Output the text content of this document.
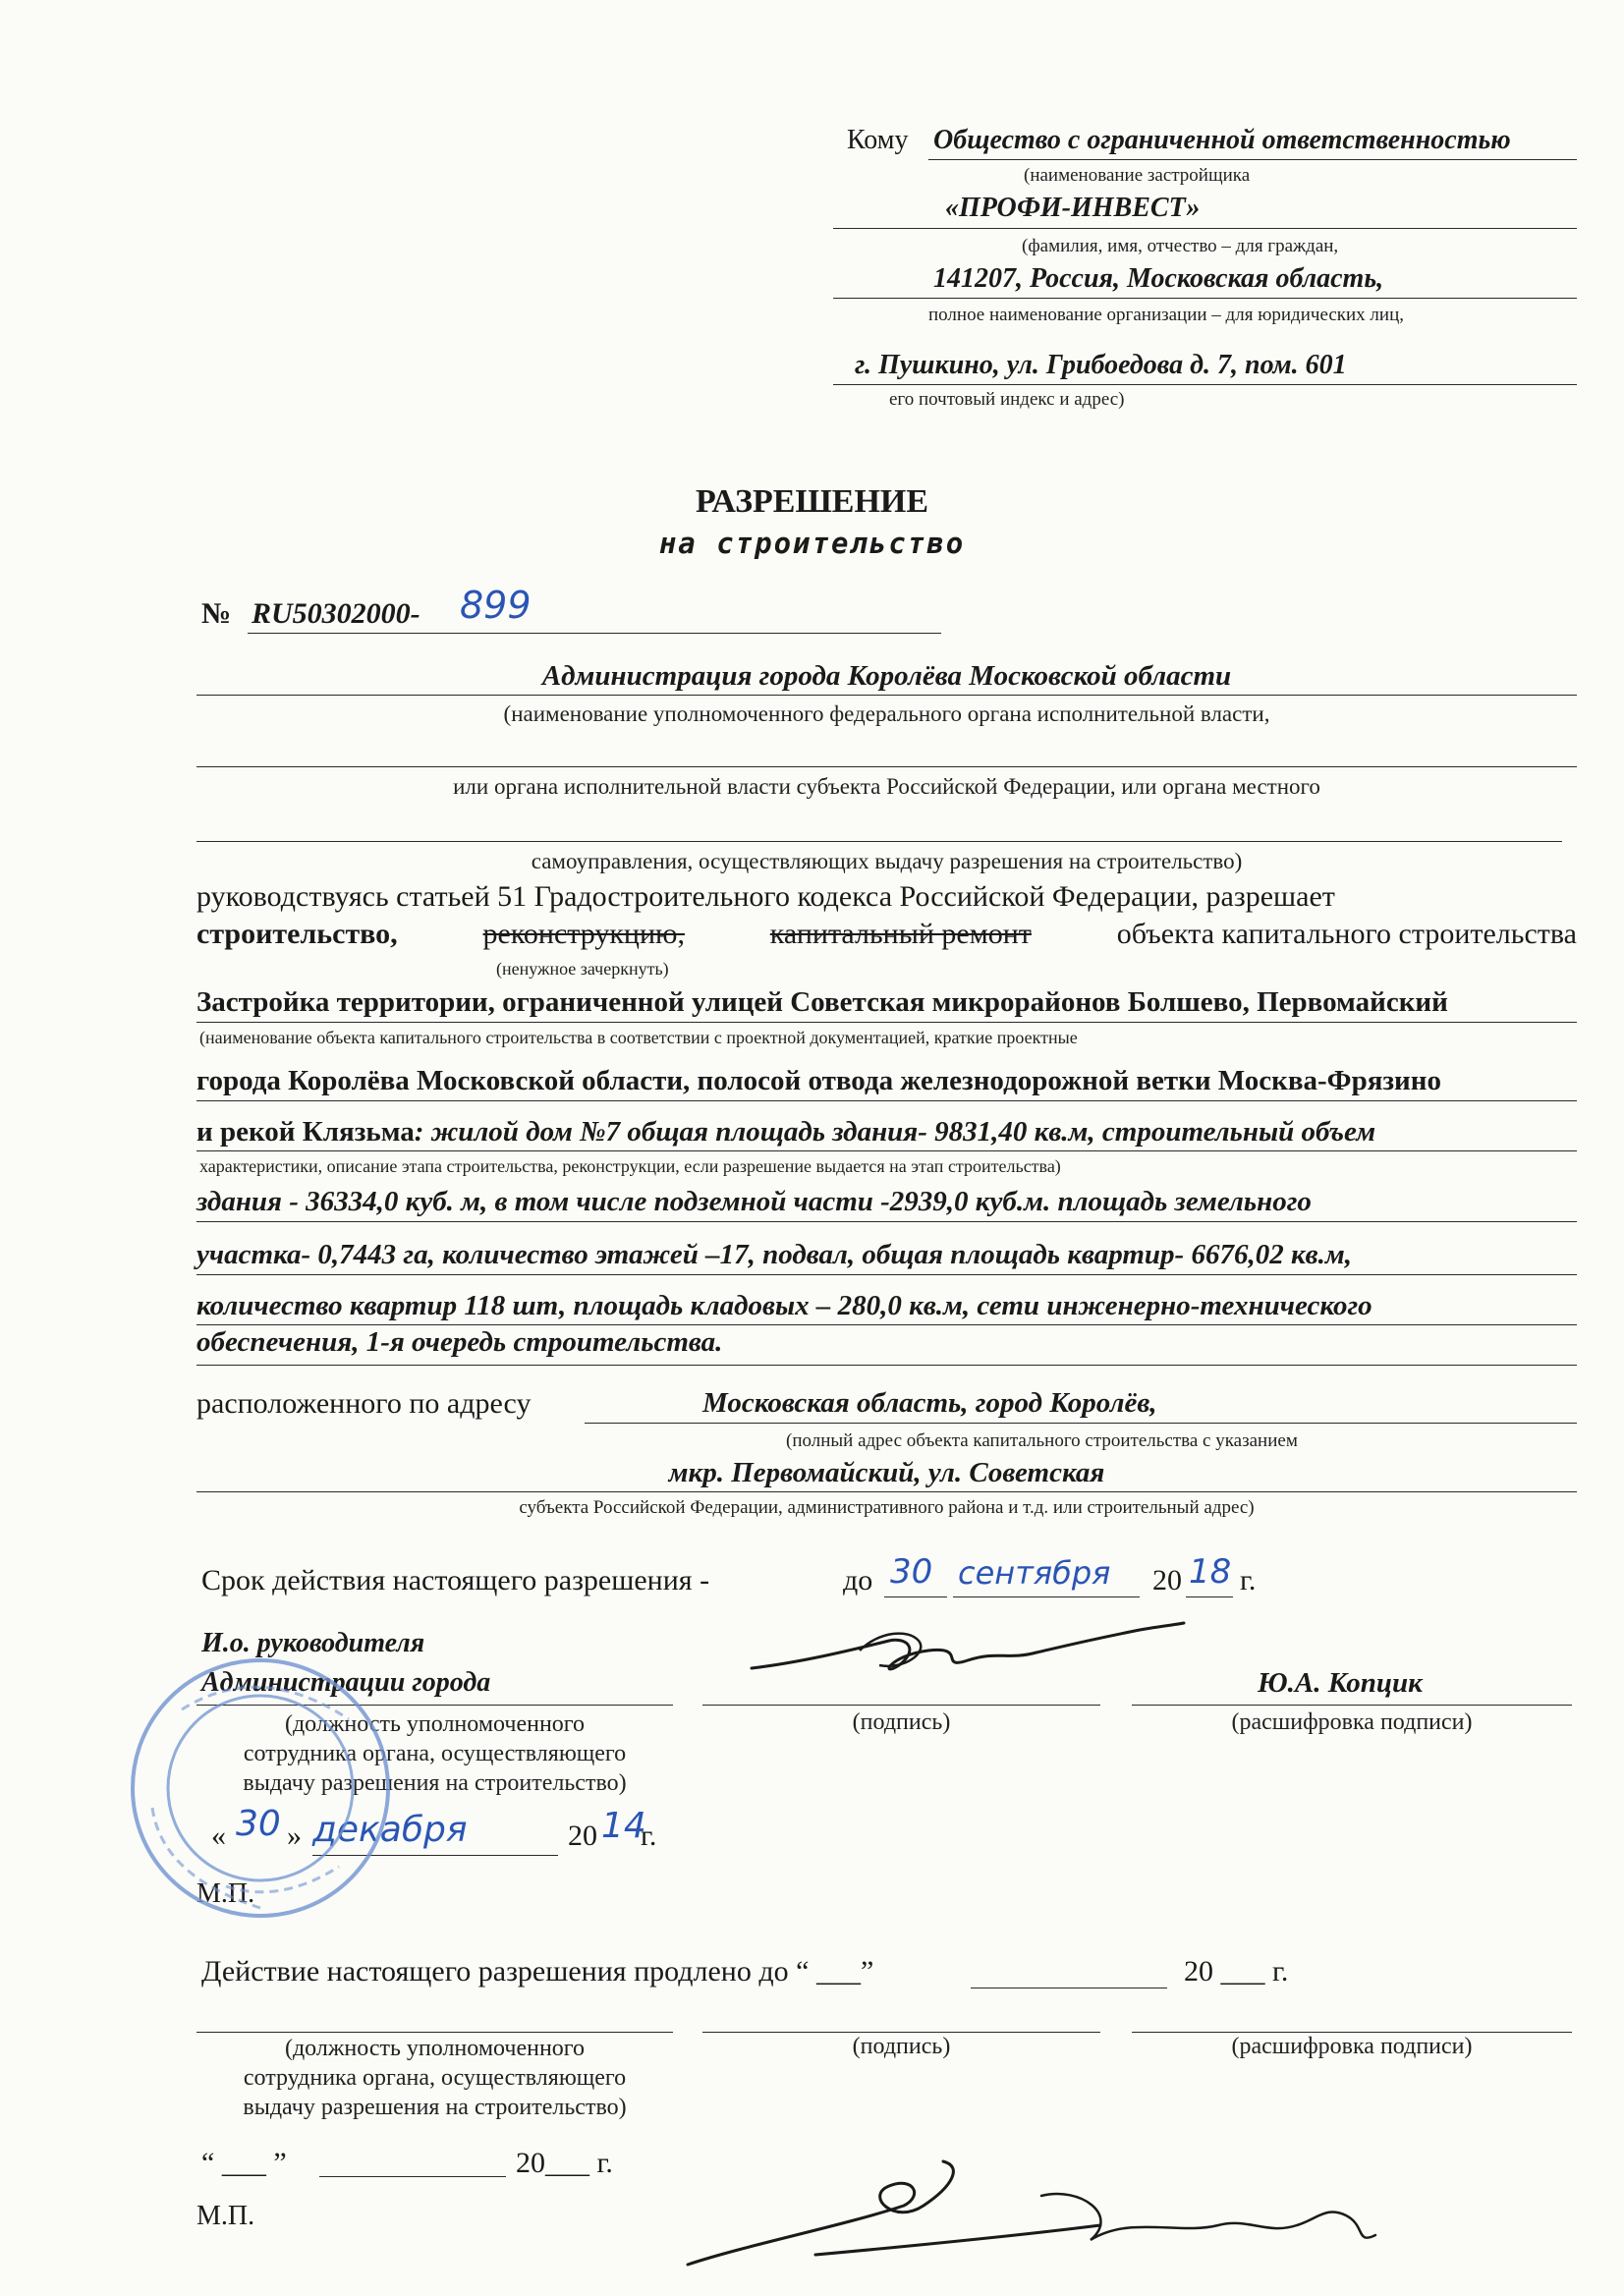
Кому Общество с ограниченной ответственностью
(наименование застройщика
«ПРОФИ-ИНВЕСТ»
(фамилия, имя, отчество – для граждан,
141207, Россия, Московская область,
полное наименование организации – для юридических лиц,
г. Пушкино, ул. Грибоедова д. 7, пом. 601
его почтовый индекс и адрес)
РАЗРЕШЕНИЕ
на строительство
№ RU50302000- 899
Администрация города Королёва Московской области
(наименование уполномоченного федерального органа исполнительной власти,
или органа исполнительной власти субъекта Российской Федерации, или органа местного
самоуправления, осуществляющих выдачу разрешения на строительство)
руководствуясь статьей 51 Градостроительного кодекса Российской Федерации, разрешает
строительство,	реконструкцию,	капитальный ремонт	объекта капитального строительства
(ненужное зачеркнуть)
Застройка территории, ограниченной улицей Советская микрорайонов Болшево, Первомайский
(наименование объекта капитального строительства в соответствии с проектной документацией, краткие проектные
города Королёва Московской области, полосой отвода железнодорожной ветки Москва-Фрязино
и рекой Клязьма: жилой дом №7 общая площадь здания- 9831,40 кв.м, строительный объем
характеристики, описание этапа строительства, реконструкции, если разрешение выдается на этап строительства)
здания - 36334,0 куб. м, в том числе подземной части -2939,0 куб.м. площадь земельного
участка- 0,7443 га, количество этажей –17, подвал, общая площадь квартир- 6676,02 кв.м,
количество квартир 118 шт, площадь кладовых – 280,0 кв.м, сети инженерно-технического
обеспечения, 1-я очередь строительства.
расположенного по адресу	Московская область, город Королёв,
(полный адрес объекта капитального строительства с указанием
мкр. Первомайский, ул. Советская
субъекта Российской Федерации, административного района и т.д. или строительный адрес)
Срок действия настоящего разрешения -	до 30 сентября 20 18 г.
И.о. руководителя
Администрации города	Ю.А. Копцик
(должность уполномоченного
сотрудника органа, осуществляющего
выдачу разрешения на строительство)
(подпись)	(расшифровка подписи)
« 30 » декабря	20 14
г.
М.П.
Действие настоящего разрешения продлено до “ ___”	20 ___ г.
(должность уполномоченного
сотрудника органа, осуществляющего
выдачу разрешения на строительство)
(подпись)	(расшифровка подписи)
“ ___ ”	20___ г.
М.П.
